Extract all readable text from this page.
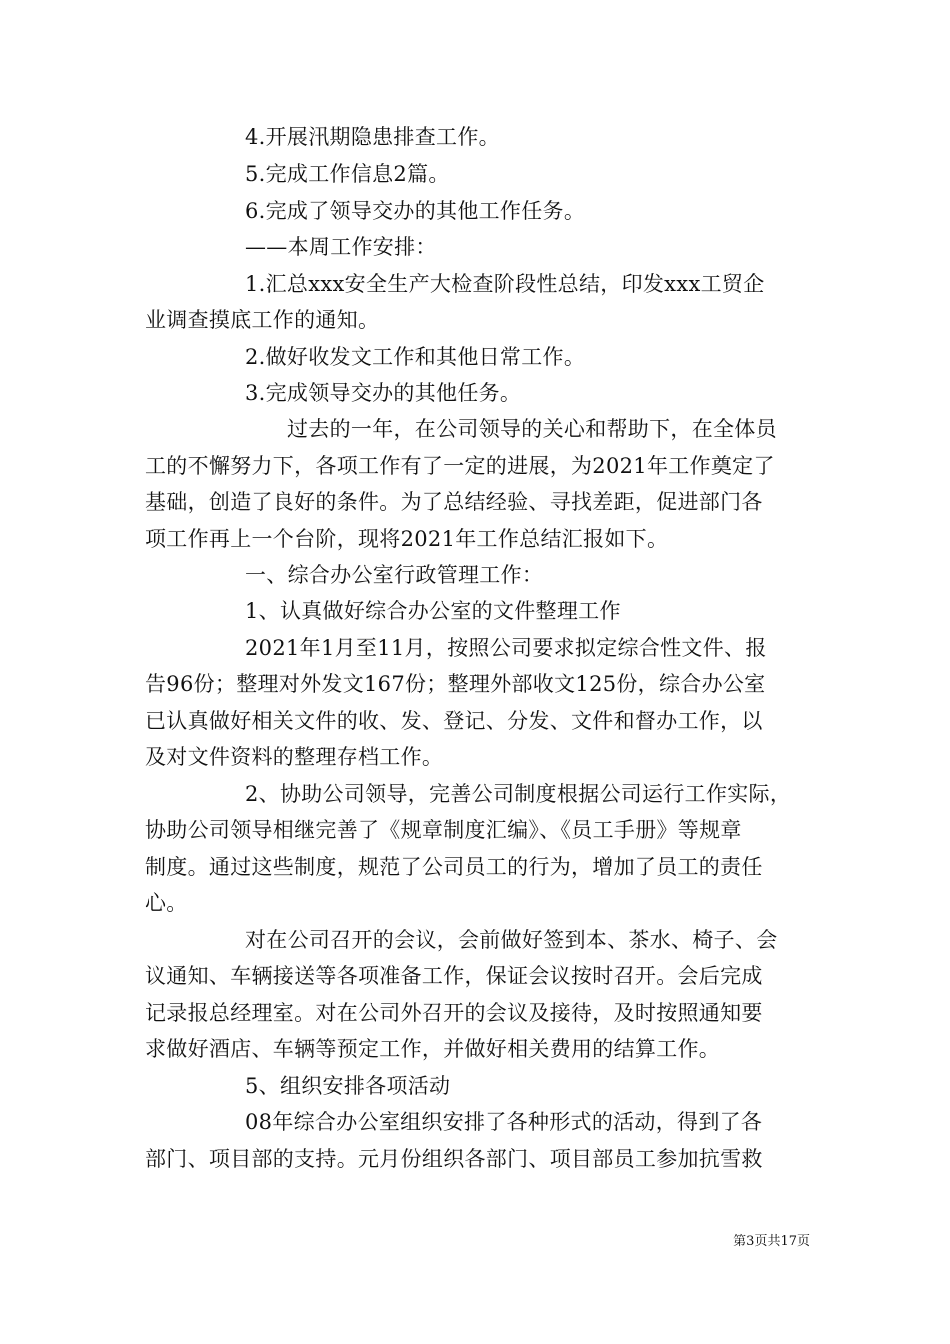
4.开展汛期隐患排查工作。
5.完成工作信息2篇。
6.完成了领导交办的其他工作任务。
——本周工作安排：
1.汇总xxx安全生产大检查阶段性总结，印发xxx工贸企
业调查摸底工作的通知。
2.做好收发文工作和其他日常工作。
3.完成领导交办的其他任务。
过去的一年，在公司领导的关心和帮助下，在全体员
工的不懈努力下，各项工作有了一定的进展，为2021年工作奠定了
基础，创造了良好的条件。为了总结经验、寻找差距，促进部门各
项工作再上一个台阶，现将2021年工作总结汇报如下。
一、综合办公室行政管理工作：
1、认真做好综合办公室的文件整理工作
2021年1月至11月，按照公司要求拟定综合性文件、报
告96份；整理对外发文167份；整理外部收文125份，综合办公室
已认真做好相关文件的收、发、登记、分发、文件和督办工作，以
及对文件资料的整理存档工作。
2、协助公司领导，完善公司制度根据公司运行工作实际，
协助公司领导相继完善了《规章制度汇编》、《员工手册》等规章
制度。通过这些制度，规范了公司员工的行为，增加了员工的责任
心。
对在公司召开的会议，会前做好签到本、茶水、椅子、会
议通知、车辆接送等各项准备工作，保证会议按时召开。会后完成
记录报总经理室。对在公司外召开的会议及接待，及时按照通知要
求做好酒店、车辆等预定工作，并做好相关费用的结算工作。
5、组织安排各项活动
08年综合办公室组织安排了各种形式的活动，得到了各
部门、项目部的支持。元月份组织各部门、项目部员工参加抗雪救
第3页共17页
